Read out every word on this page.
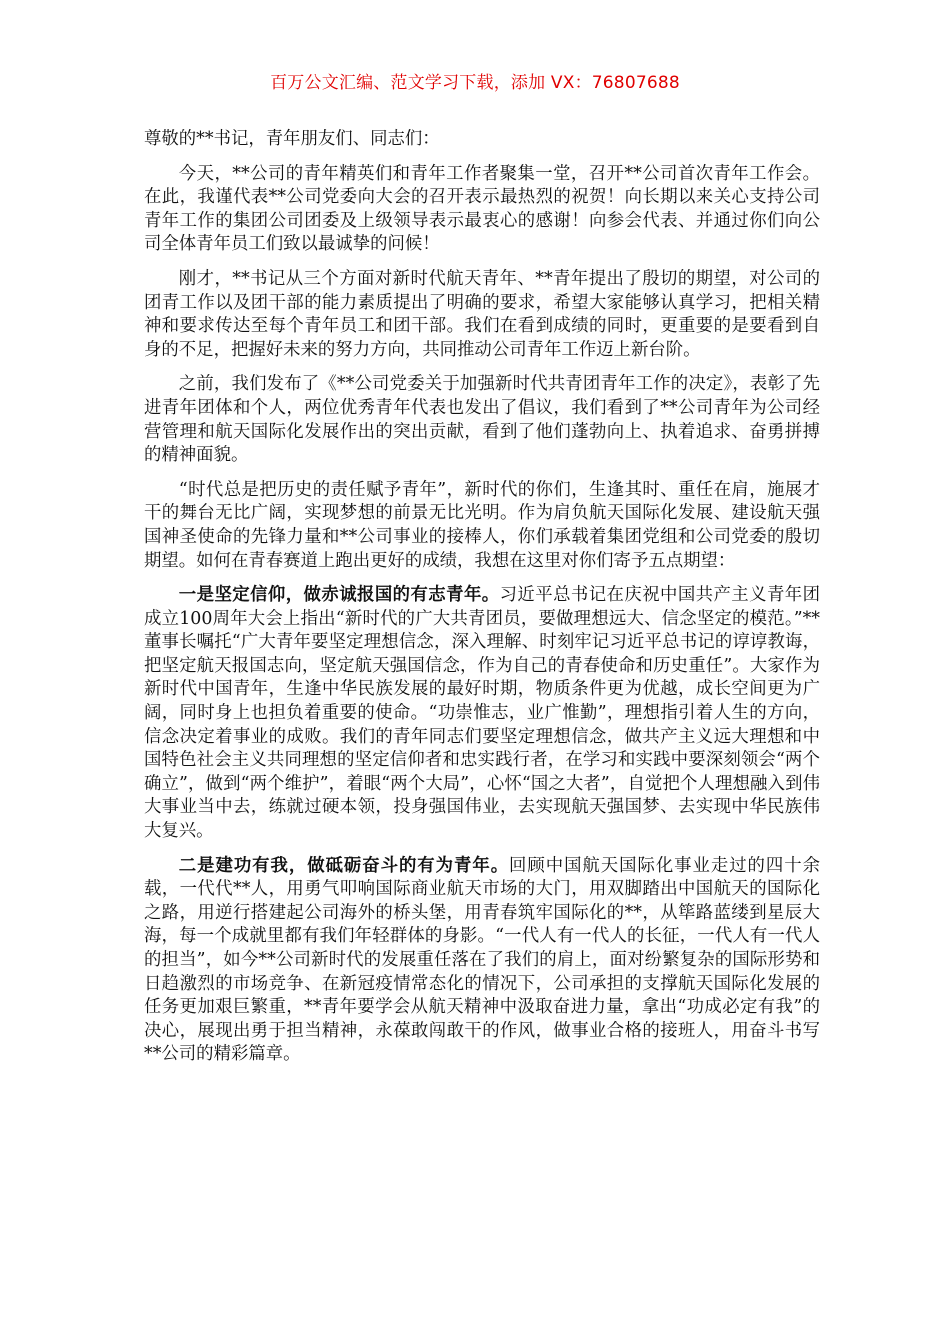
百万公文汇编、范文学习下载，添加 VX：76807688

尊敬的**书记，青年朋友们、同志们：

今天，**公司的青年精英们和青年工作者聚集一堂，召开**公司首次青年工作会。在此，我谨代表**公司党委向大会的召开表示最热烈的祝贺！向长期以来关心支持公司青年工作的集团公司团委及上级领导表示最衷心的感谢！向参会代表、并通过你们向公司全体青年员工们致以最诚挚的问候！

刚才，**书记从三个方面对新时代航天青年、**青年提出了殷切的期望，对公司的团青工作以及团干部的能力素质提出了明确的要求，希望大家能够认真学习，把相关精神和要求传达至每个青年员工和团干部。我们在看到成绩的同时，更重要的是要看到自身的不足，把握好未来的努力方向，共同推动公司青年工作迈上新台阶。

之前，我们发布了《**公司党委关于加强新时代共青团青年工作的决定》，表彰了先进青年团体和个人，两位优秀青年代表也发出了倡议，我们看到了**公司青年为公司经营管理和航天国际化发展作出的突出贡献，看到了他们蓬勃向上、执着追求、奋勇拼搏的精神面貌。

“时代总是把历史的责任赋予青年”，新时代的你们，生逢其时、重任在肩，施展才干的舞台无比广阔，实现梦想的前景无比光明。作为肩负航天国际化发展、建设航天强国神圣使命的先锋力量和**公司事业的接棒人，你们承载着集团党组和公司党委的殷切期望。如何在青春赛道上跑出更好的成绩，我想在这里对你们寄予五点期望：

一是坚定信仰，做赤诚报国的有志青年。习近平总书记在庆祝中国共产主义青年团成立100周年大会上指出“新时代的广大共青团员，要做理想远大、信念坚定的模范。”**董事长嘱托“广大青年要坚定理想信念，深入理解、时刻牢记习近平总书记的谆谆教诲，把坚定航天报国志向，坚定航天强国信念，作为自己的青春使命和历史重任”。大家作为新时代中国青年，生逢中华民族发展的最好时期，物质条件更为优越，成长空间更为广阔，同时身上也担负着重要的使命。“功崇惟志，业广惟勤”，理想指引着人生的方向，信念决定着事业的成败。我们的青年同志们要坚定理想信念，做共产主义远大理想和中国特色社会主义共同理想的坚定信仰者和忠实践行者，在学习和实践中要深刻领会“两个确立”，做到“两个维护”，着眼“两个大局”，心怀“国之大者”，自觉把个人理想融入到伟大事业当中去，练就过硬本领，投身强国伟业，去实现航天强国梦、去实现中华民族伟大复兴。

二是建功有我，做砥砺奋斗的有为青年。回顾中国航天国际化事业走过的四十余载，一代代**人，用勇气叩响国际商业航天市场的大门，用双脚踏出中国航天的国际化之路，用逆行搭建起公司海外的桥头堡，用青春筑牢国际化的**，从筚路蓝缕到星辰大海，每一个成就里都有我们年轻群体的身影。“一代人有一代人的长征，一代人有一代人的担当”，如今**公司新时代的发展重任落在了我们的肩上，面对纷繁复杂的国际形势和日趋激烈的市场竞争、在新冠疫情常态化的情况下，公司承担的支撑航天国际化发展的任务更加艰巨繁重，**青年要学会从航天精神中汲取奋进力量，拿出“功成必定有我”的决心，展现出勇于担当精神，永葆敢闯敢干的作风，做事业合格的接班人，用奋斗书写**公司的精彩篇章。
